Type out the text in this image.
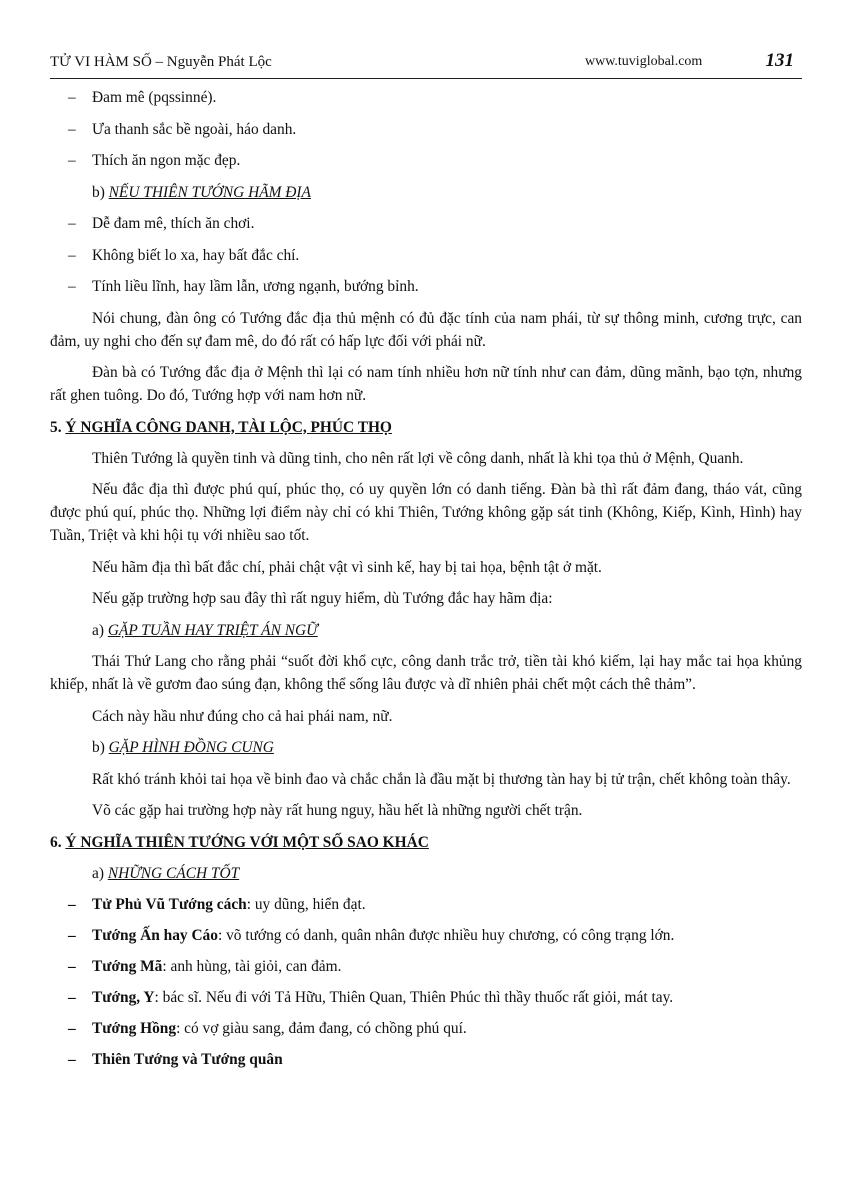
TỬ VI HÀM SỐ – Nguyễn Phát Lộc	www.tuviglobal.com	131
– Đam mê (pqssinné).
– Ưa thanh sắc bề ngoài, háo danh.
– Thích ăn ngon mặc đẹp.
b) NẾU THIÊN TƯỚNG HÃM ĐỊA
– Dễ đam mê, thích ăn chơi.
– Không biết lo xa, hay bất đắc chí.
– Tính liều lĩnh, hay lầm lẫn, ương ngạnh, bướng bỉnh.
Nói chung, đàn ông có Tướng đắc địa thủ mệnh có đủ đặc tính của nam phái, từ sự thông minh, cương trực, can đảm, uy nghi cho đến sự đam mê, do đó rất có hấp lực đối với phái nữ.
Đàn bà có Tướng đắc địa ở Mệnh thì lại có nam tính nhiều hơn nữ tính như can đảm, dũng mãnh, bạo tợn, nhưng rất ghen tuông. Do đó, Tướng hợp với nam hơn nữ.
5. Ý NGHĨA CÔNG DANH, TÀI LỘC, PHÚC THỌ
Thiên Tướng là quyền tinh và dũng tinh, cho nên rất lợi về công danh, nhất là khi tọa thủ ở Mệnh, Quanh.
Nếu đắc địa thì được phú quí, phúc thọ, có uy quyền lớn có danh tiếng. Đàn bà thì rất đảm đang, tháo vát, cũng được phú quí, phúc thọ. Những lợi điểm này chỉ có khi Thiên, Tướng không gặp sát tinh (Không, Kiếp, Kình, Hình) hay Tuần, Triệt và khi hội tụ với nhiều sao tốt.
Nếu hãm địa thì bất đắc chí, phải chật vật vì sinh kế, hay bị tai họa, bệnh tật ở mặt.
Nếu gặp trường hợp sau đây thì rất nguy hiểm, dù Tướng đắc hay hãm địa:
a) GẶP TUẦN HAY TRIỆT ÁN NGỮ
Thái Thứ Lang cho rằng phải “suốt đời khổ cực, công danh trắc trở, tiền tài khó kiếm, lại hay mắc tai họa khủng khiếp, nhất là về gươm đao súng đạn, không thể sống lâu được và dĩ nhiên phải chết một cách thê thảm”.
Cách này hầu như đúng cho cả hai phái nam, nữ.
b) GẶP HÌNH ĐỒNG CUNG
Rất khó tránh khỏi tai họa về binh đao và chắc chắn là đầu mặt bị thương tàn hay bị tử trận, chết không toàn thây.
Võ các gặp hai trường hợp này rất hung nguy, hầu hết là những người chết trận.
6. Ý NGHĨA THIÊN TƯỚNG VỚI MỘT SỐ SAO KHÁC
a) NHỮNG CÁCH TỐT
– Tử Phủ Vũ Tướng cách: uy dũng, hiển đạt.
– Tướng Ấn hay Cáo: võ tướng có danh, quân nhân được nhiều huy chương, có công trạng lớn.
– Tướng Mã: anh hùng, tài giỏi, can đảm.
– Tướng, Y: bác sĩ. Nếu đi với Tả Hữu, Thiên Quan, Thiên Phúc thì thầy thuốc rất giỏi, mát tay.
– Tướng Hồng: có vợ giàu sang, đảm đang, có chồng phú quí.
– Thiên Tướng và Tướng quân
